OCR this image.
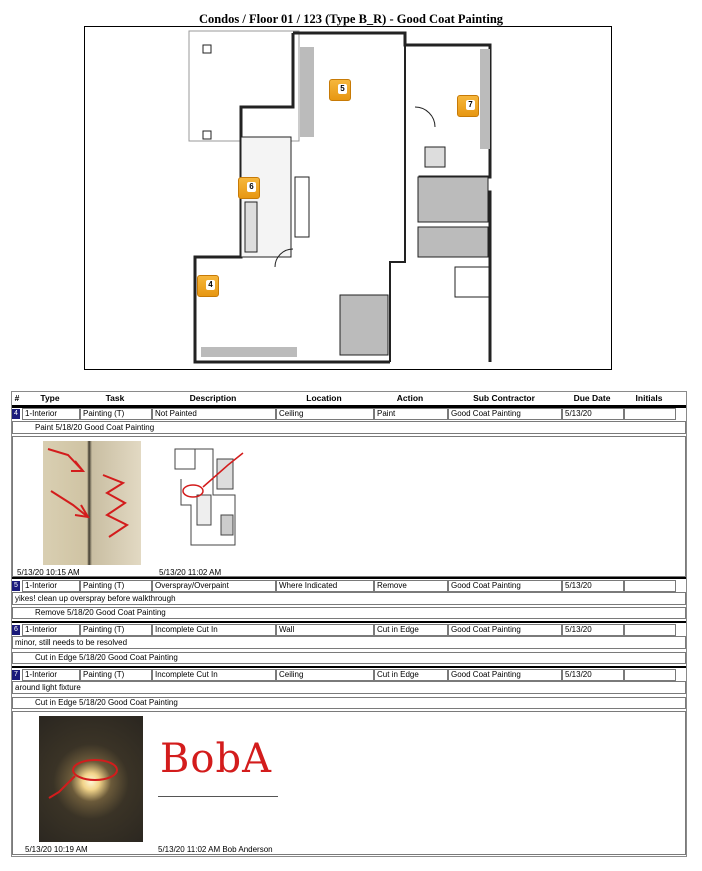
Condos / Floor 01 / 123 (Type B_R) - Good Coat Painting
5
7
6
4
#	Type	Task	Description	Location	Action	Sub Contractor	Due Date	Initials
4 1-Interior	Painting (T)	Not Painted	Ceiling	Paint	Good Coat Painting	5/13/20
Paint 5/18/20 Good Coat Painting
5/13/20 10:15 AM	5/13/20 11:02 AM
5 1-Interior	Painting (T)	Overspray/Overpaint	Where Indicated	Remove	Good Coat Painting	5/13/20
yikes! clean up overspray before walkthrough
Remove 5/18/20 Good Coat Painting
6 1-Interior	Painting (T)	Incomplete Cut In	Wall	Cut in Edge	Good Coat Painting	5/13/20
minor, still needs to be resolved
Cut in Edge 5/18/20 Good Coat Painting
7 1-Interior	Painting (T)	Incomplete Cut In	Ceiling	Cut in Edge	Good Coat Painting	5/13/20
around light fixture
Cut in Edge 5/18/20 Good Coat Painting
BobA
5/13/20 10:19 AM	5/13/20 11:02 AM Bob Anderson
